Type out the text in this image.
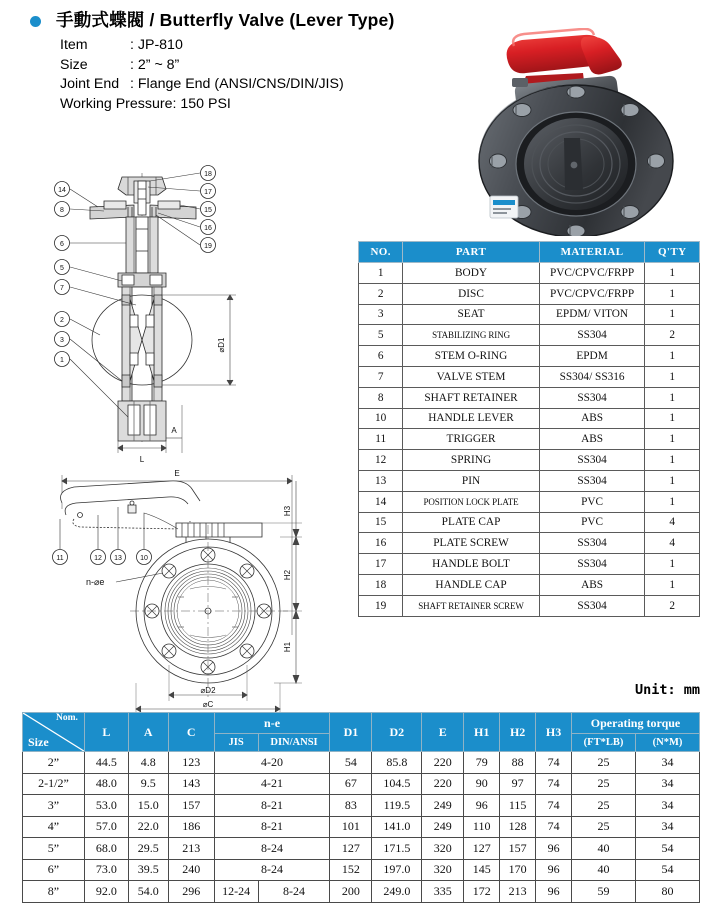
手動式蝶閥 / Butterfly Valve (Lever Type)
Item	: JP-810
Size	: 2” ~ 8”
Joint End : Flange End (ANSI/CNS/DIN/JIS)
Working Pressure: 150 PSI
18
17
15
16
19
14
8
6
5
7
2
3
1
⌀D1
L
A
E
n-⌀e
11	12 13	10
H3
H2
H1
⌀D2
⌀C
NO.	PART	MATERIAL	Q'TY
1	BODY	PVC/CPVC/FRPP	1
2	DISC	PVC/CPVC/FRPP	1
3	SEAT	EPDM/ VITON	1
5	STABILIZING RING	SS304	2
6	STEM O-RING	EPDM	1
7	VALVE STEM	SS304/ SS316	1
8	SHAFT RETAINER	SS304	1
10	HANDLE LEVER	ABS	1
11	TRIGGER	ABS	1
12	SPRING	SS304	1
13	PIN	SS304	1
14	POSITION LOCK PLATE	PVC	1
15	PLATE CAP	PVC	4
16	PLATE SCREW	SS304	4
17	HANDLE BOLT	SS304	1
18	HANDLE CAP	ABS	1
19	SHAFT RETAINER SCREW	SS304	2
Unit: mm
Nom.
Size	L	A	C	n-e		D1	D2	E	H1	H2	H3	Operating torque	
				JIS	DIN/ANSI							(FT*LB)	(N*M)
2”	44.5	4.8	123	4-20		54	85.8	220	79	88	74	25	34
2-1/2”	48.0	9.5	143	4-21		67	104.5	220	90	97	74	25	34
3”	53.0	15.0	157	8-21		83	119.5	249	96	115	74	25	34
4”	57.0	22.0	186	8-21		101	141.0	249	110	128	74	25	34
5”	68.0	29.5	213	8-24		127	171.5	320	127	157	96	40	54
6”	73.0	39.5	240	8-24		152	197.0	320	145	170	96	40	54
8”	92.0	54.0	296	12-24	8-24	200	249.0	335	172	213	96	59	80
